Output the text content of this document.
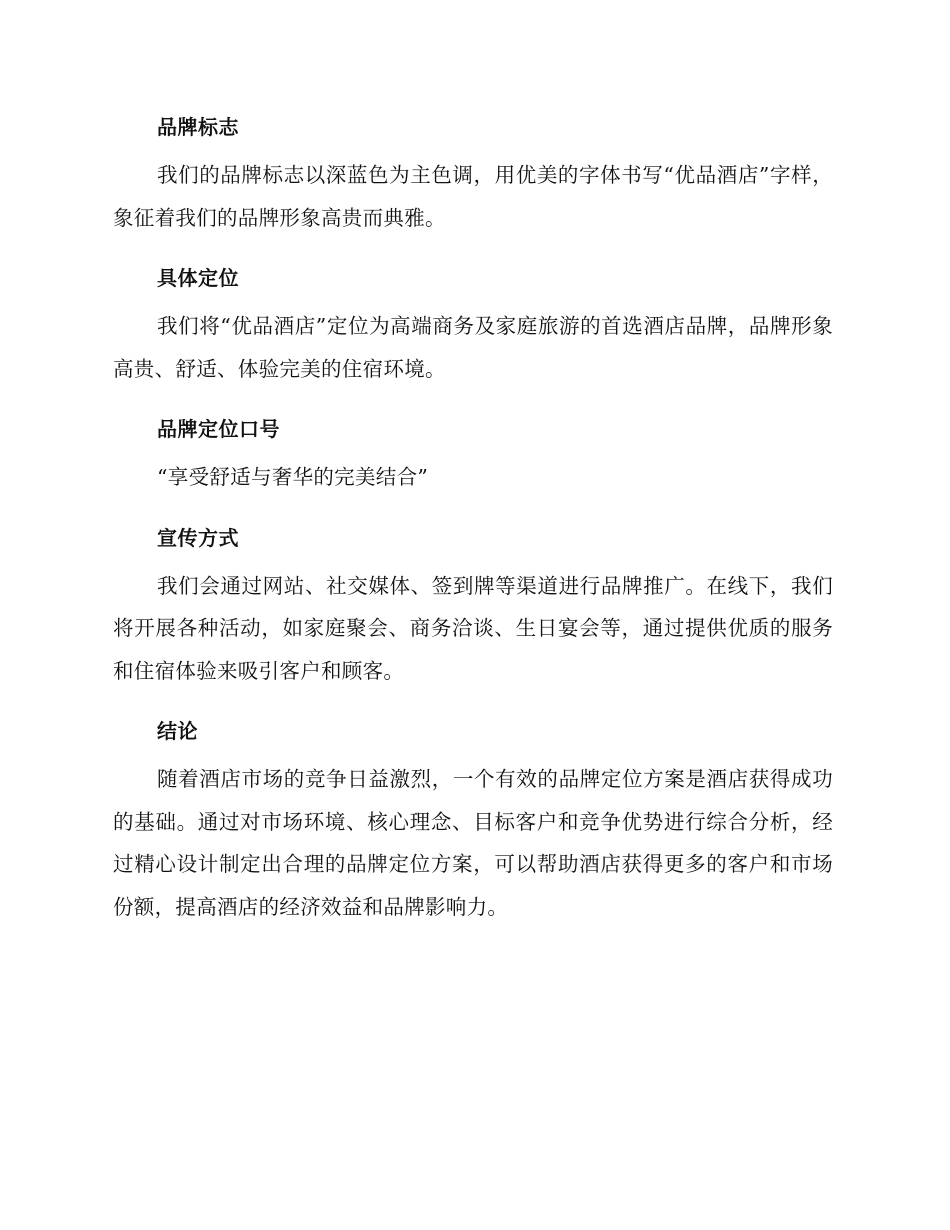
品牌标志

我们的品牌标志以深蓝色为主色调，用优美的字体书写“优品酒店”字样，象征着我们的品牌形象高贵而典雅。

具体定位

我们将“优品酒店”定位为高端商务及家庭旅游的首选酒店品牌，品牌形象高贵、舒适、体验完美的住宿环境。

品牌定位口号

“享受舒适与奢华的完美结合”

宣传方式

我们会通过网站、社交媒体、签到牌等渠道进行品牌推广。在线下，我们将开展各种活动，如家庭聚会、商务洽谈、生日宴会等，通过提供优质的服务和住宿体验来吸引客户和顾客。

结论

随着酒店市场的竞争日益激烈，一个有效的品牌定位方案是酒店获得成功的基础。通过对市场环境、核心理念、目标客户和竞争优势进行综合分析，经过精心设计制定出合理的品牌定位方案，可以帮助酒店获得更多的客户和市场份额，提高酒店的经济效益和品牌影响力。
